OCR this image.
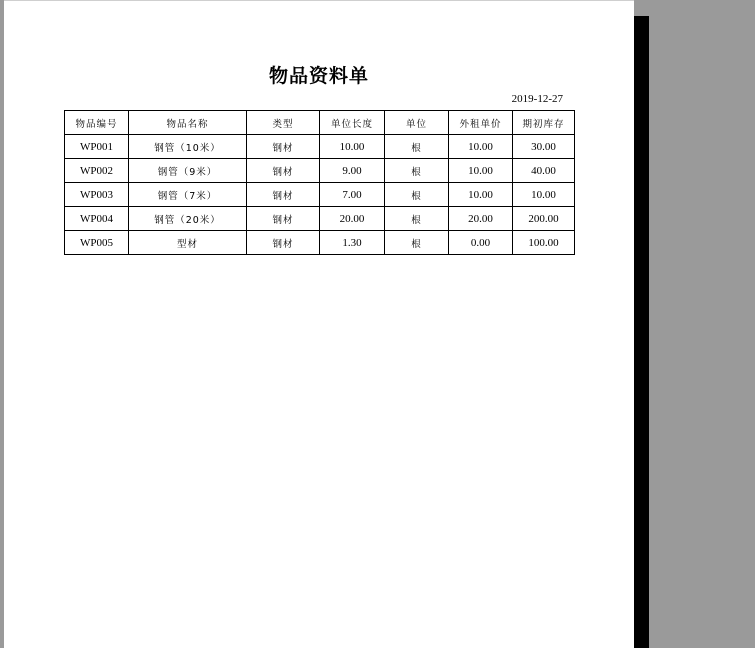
物品资料单
2019-12-27
物品编号	物品名称	类型	单位长度	单位	外租单价	期初库存
WP001	钢管（10米）	钢材	10.00	根	10.00	30.00
WP002	钢管（9米）	钢材	9.00	根	10.00	40.00
WP003	钢管（7米）	钢材	7.00	根	10.00	10.00
WP004	钢管（20米）	钢材	20.00	根	20.00	200.00
WP005	型材	钢材	1.30	根	0.00	100.00
